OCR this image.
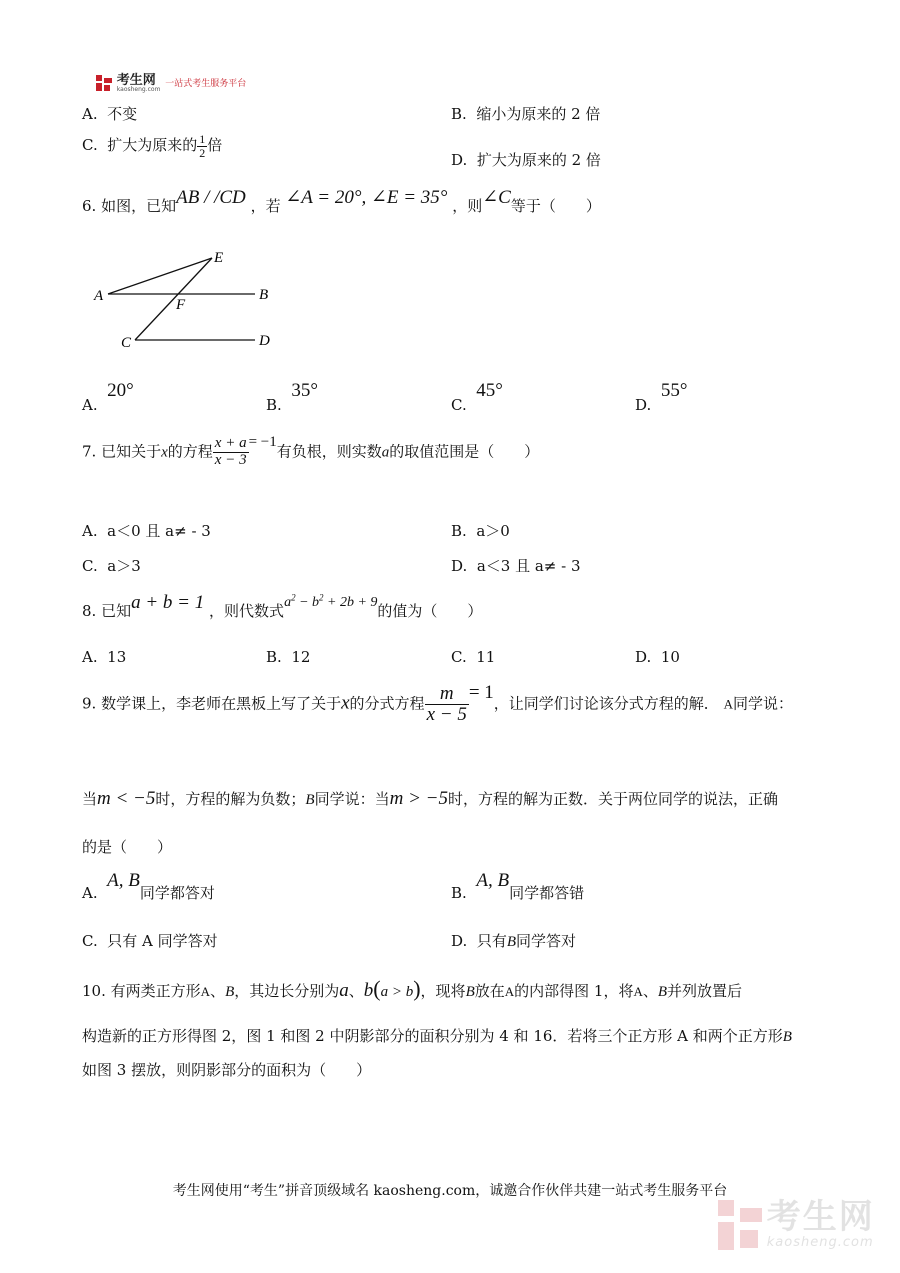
考生网
kaosheng.com
一站式考生服务平台
A. 不变	B. 缩小为原来的 2 倍
C. 扩大为原来的 $\frac{1}{2}$ 倍
D. 扩大为原来的 2 倍
6. 如图，已知AB / /CD ，若 ∠A = 20°, ∠E = 35° ，则∠C等于（　　）
A	B
C	D
E
F
A.  20°
B.  35°
C.  45°
D.  55°
7. 已知关于x的方程 $\frac{x + a}{x - 3} = -1$有负根，则实数a的取值范围是（　　）
A. a＜0 且 a≠ - 3	B. a＞0
C. a＞3	D. a＜3 且 a≠ - 3
8. 已知a + b = 1 ，则代数式$a^2 - b^2 + 2b + 9$的值为（　　）
A. 13	B. 12	C. 11	D. 10
9. 数学课上，李老师在黑板上写了关于x的分式方程 $\frac{m}{x - 5} = 1$，让同学们讨论该分式方程的解． A同学说：
当m < −5时，方程的解为负数；B同学说：当m > −5时，方程的解为正数．关于两位同学的说法，正确
的是（　　）
A.  A, B同学都答对	B.  A, B同学都答错
C. 只有 A 同学答对	D. 只有B同学答对
10. 有两类正方形A、B，其边长分别为a、b(a > b)，现将B放在A的内部得图 1，将A、B并列放置后
构造新的正方形得图 2，图 1 和图 2 中阴影部分的面积分别为 4 和 16．若将三个正方形 A 和两个正方形B
如图 3 摆放，则阴影部分的面积为（　　）
考生网使用“考生”拼音顶级域名 kaosheng.com，诚邀合作伙伴共建一站式考生服务平台
考生网
kaosheng.com
